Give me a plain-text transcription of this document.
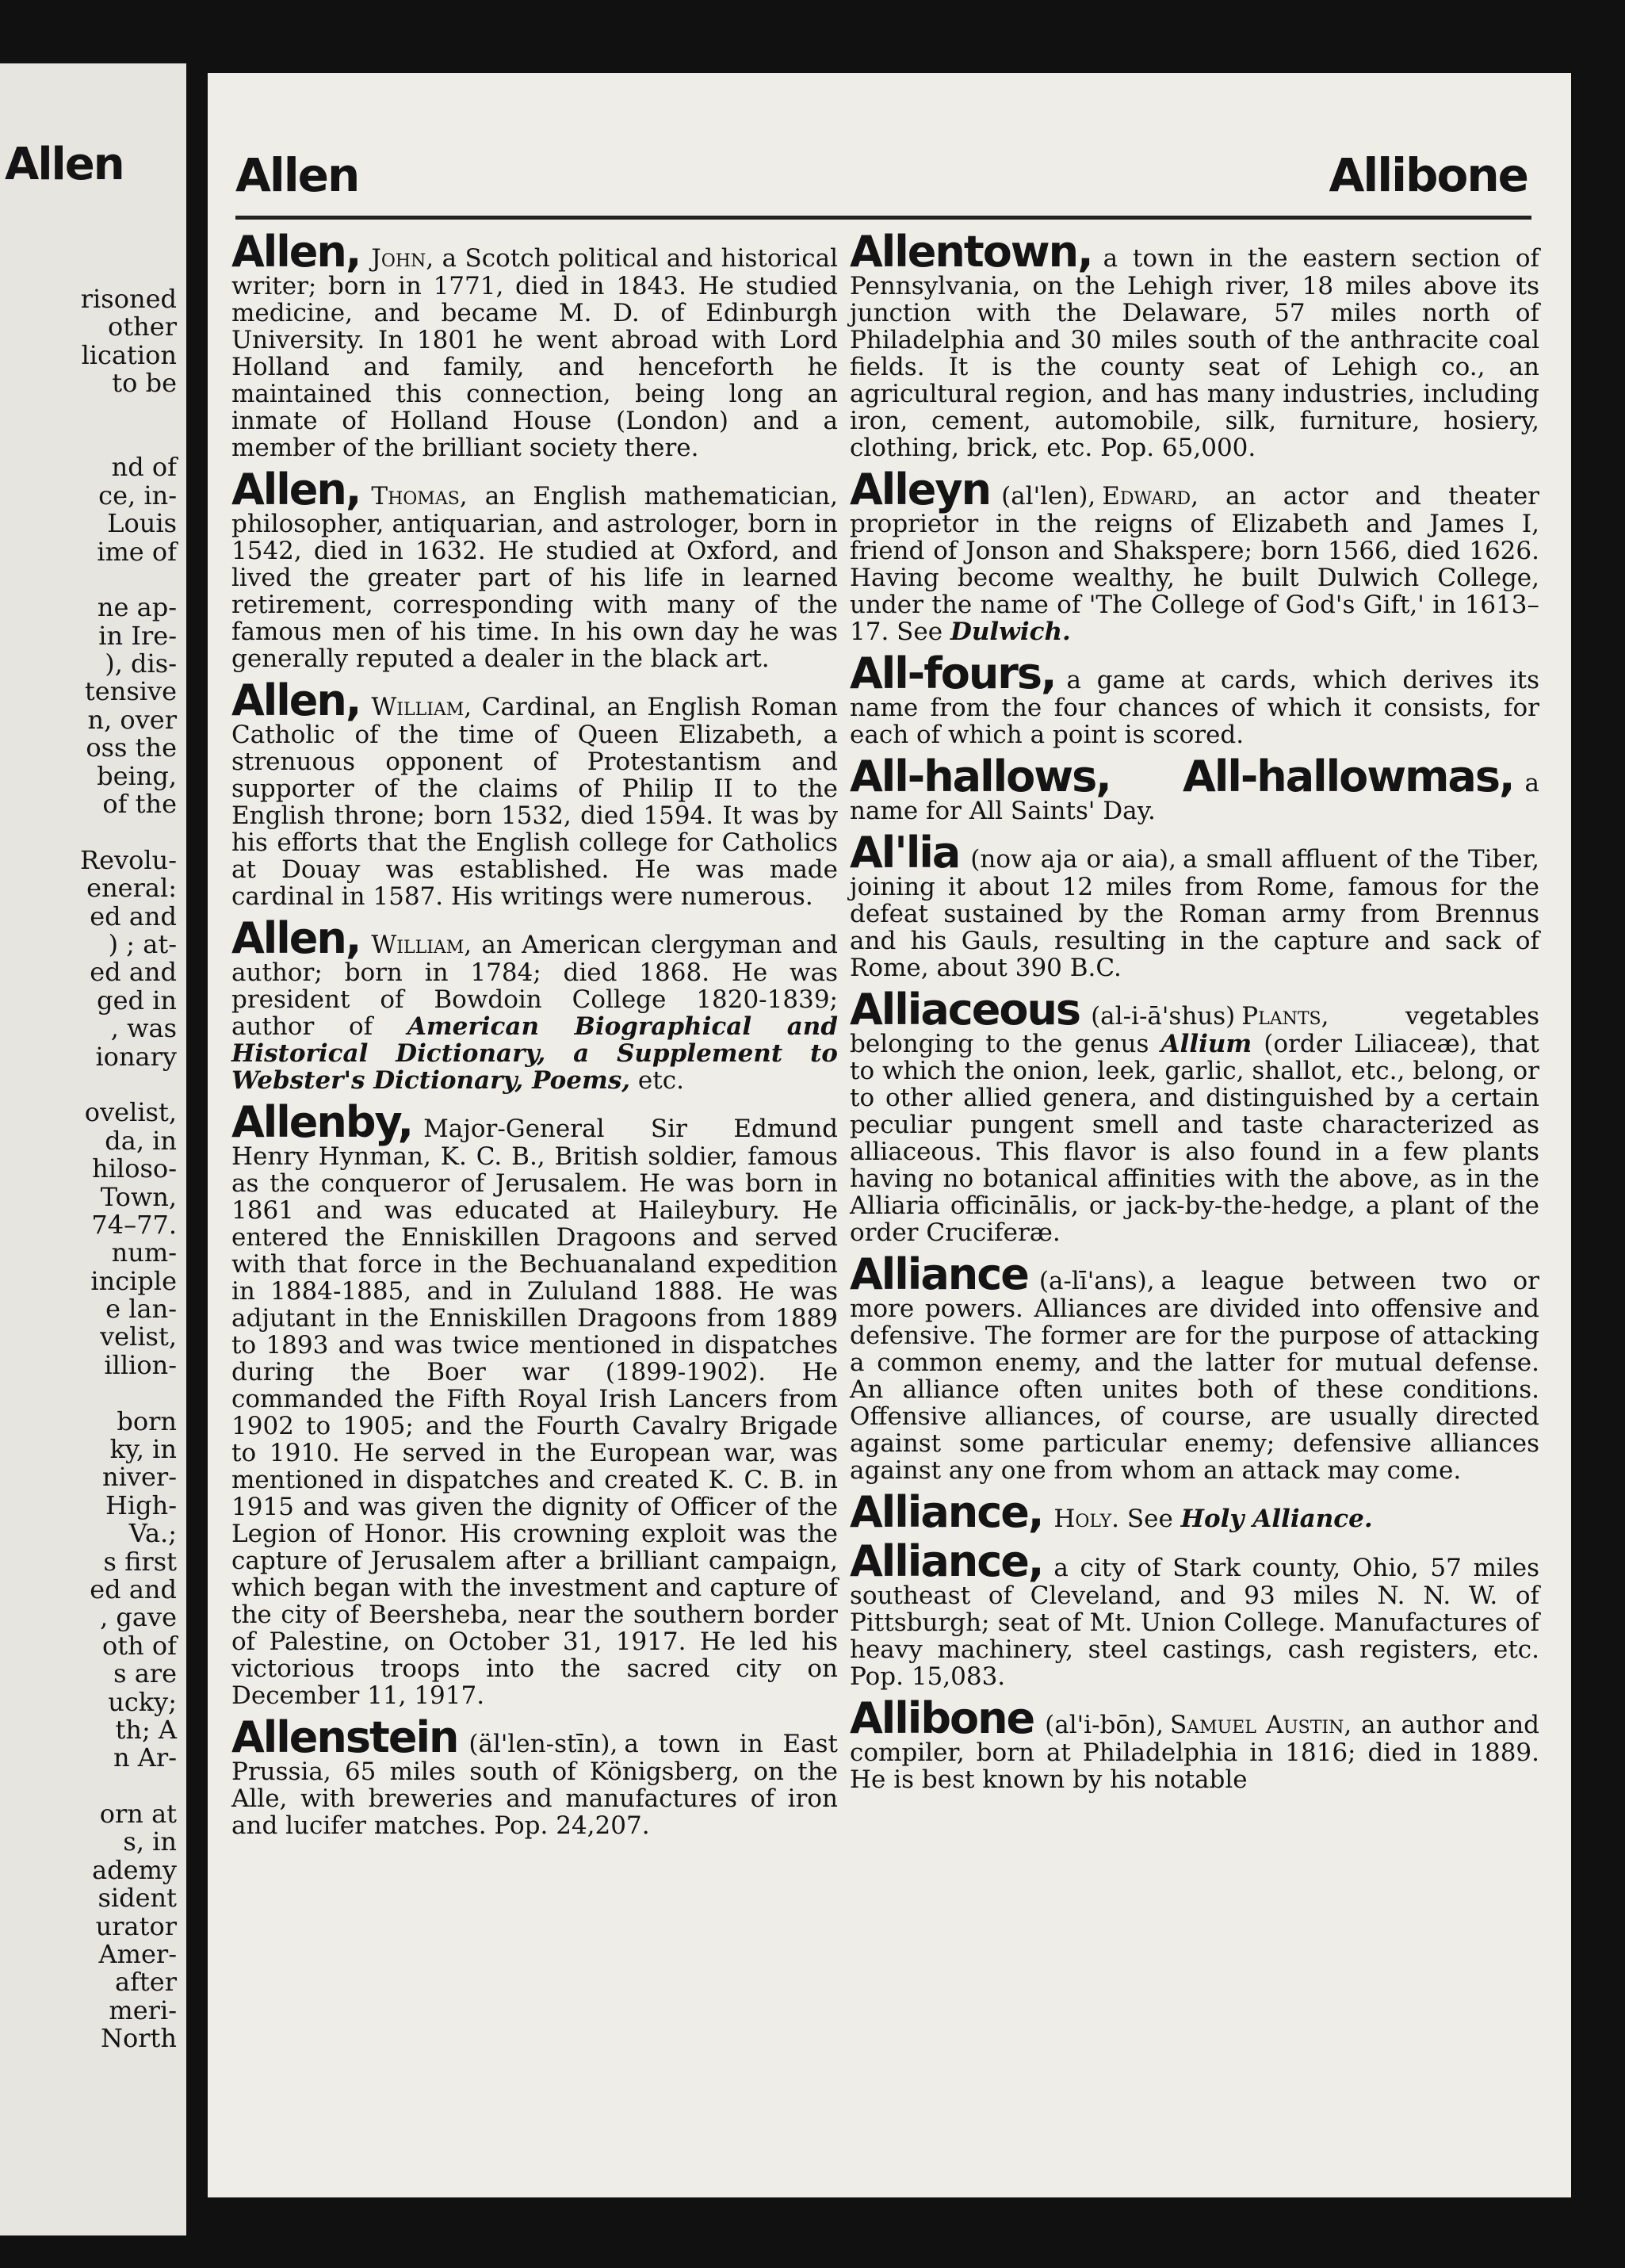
Allen
risoned
other
lication
to be
nd of
ce, in-
Louis
ime of
ne ap-
in Ire-
), dis-
tensive
n, over
oss the
being,
of the
Revolu-
eneral:
ed and
) ; at-
ed and
ged in
, was
ionary
ovelist,
da, in
hiloso-
Town,
74–77.
num-
inciple
e lan-
velist,
illion-
born
ky, in
niver-
High-
Va.;
s first
ed and
, gave
oth of
s are
ucky;
th; A
n Ar-
orn at
s, in
ademy
sident
urator
Amer-
after
meri-
North
Allen	Allibone

Allen, John, a Scotch political and historical writer; born in 1771, died in 1843. He studied medicine, and became M. D. of Edinburgh University. In 1801 he went abroad with Lord Holland and family, and henceforth he maintained this connection, being long an inmate of Holland House (London) and a member of the brilliant society there.

Allen, Thomas, an English mathematician, philosopher, antiquarian, and astrologer, born in 1542, died in 1632. He studied at Oxford, and lived the greater part of his life in learned retirement, corresponding with many of the famous men of his time. In his own day he was generally reputed a dealer in the black art.

Allen, William, Cardinal, an English Roman Catholic of the time of Queen Elizabeth, a strenuous opponent of Protestantism and supporter of the claims of Philip II to the English throne; born 1532, died 1594. It was by his efforts that the English college for Catholics at Douay was established. He was made cardinal in 1587. His writings were numerous.

Allen, William, an American clergyman and author; born in 1784; died 1868. He was president of Bowdoin College 1820-1839; author of American Biographical and Historical Dictionary, a Supplement to Webster's Dictionary, Poems, etc.

Allenby, Major-General Sir Edmund Henry Hynman, K. C. B., British soldier, famous as the conqueror of Jerusalem. He was born in 1861 and was educated at Haileybury. He entered the Enniskillen Dragoons and served with that force in the Bechuanaland expedition in 1884-1885, and in Zululand 1888. He was adjutant in the Enniskillen Dragoons from 1889 to 1893 and was twice mentioned in dispatches during the Boer war (1899-1902). He commanded the Fifth Royal Irish Lancers from 1902 to 1905; and the Fourth Cavalry Brigade to 1910. He served in the European war, was mentioned in dispatches and created K. C. B. in 1915 and was given the dignity of Officer of the Legion of Honor. His crowning exploit was the capture of Jerusalem after a brilliant campaign, which began with the investment and capture of the city of Beersheba, near the southern border of Palestine, on October 31, 1917. He led his victorious troops into the sacred city on December 11, 1917.

Allenstein (äl'len-stīn), a town in East Prussia, 65 miles south of Königsberg, on the Alle, with breweries and manufactures of iron and lucifer matches. Pop. 24,207.

Allentown, a town in the eastern section of Pennsylvania, on the Lehigh river, 18 miles above its junction with the Delaware, 57 miles north of Philadelphia and 30 miles south of the anthracite coal fields. It is the county seat of Lehigh co., an agricultural region, and has many industries, including iron, cement, automobile, silk, furniture, hosiery, clothing, brick, etc. Pop. 65,000.

Alleyn (al'len), Edward, an actor and theater proprietor in the reigns of Elizabeth and James I, friend of Jonson and Shakspere; born 1566, died 1626. Having become wealthy, he built Dulwich College, under the name of 'The College of God's Gift,' in 1613–17. See Dulwich.

All-fours, a game at cards, which derives its name from the four chances of which it consists, for each of which a point is scored.

All-hallows, All-hallowmas, a name for All Saints' Day.

Al'lia (now aja or aia), a small affluent of the Tiber, joining it about 12 miles from Rome, famous for the defeat sustained by the Roman army from Brennus and his Gauls, resulting in the capture and sack of Rome, about 390 B.C.

Alliaceous (al-i-ā'shus) Plants,	vegetables belonging to the genus Allium (order Liliaceæ), that to which the onion, leek, garlic, shallot, etc., belong, or to other allied genera, and distinguished by a certain peculiar pungent smell and taste characterized as alliaceous. This flavor is also found in a few plants having no botanical affinities with the above, as in the Alliaria officinālis, or jack-by-the-hedge, a plant of the order Cruciferæ.

Alliance (a-lī'ans), a league between two or more powers. Alliances are divided into offensive and defensive. The former are for the purpose of attacking a common enemy, and the latter for mutual defense. An alliance often unites both of these conditions. Offensive alliances, of course, are usually directed against some particular enemy; defensive alliances against any one from whom an attack may come.

Alliance, Holy. See Holy Alliance.

Alliance, a city of Stark county, Ohio, 57 miles southeast of Cleveland, and 93 miles N. N. W. of Pittsburgh; seat of Mt. Union College. Manufactures of heavy machinery, steel castings, cash registers, etc. Pop. 15,083.

Allibone (al'i-bōn), Samuel Austin, an author and compiler, born at Philadelphia in 1816; died in 1889. He is best known by his notable
